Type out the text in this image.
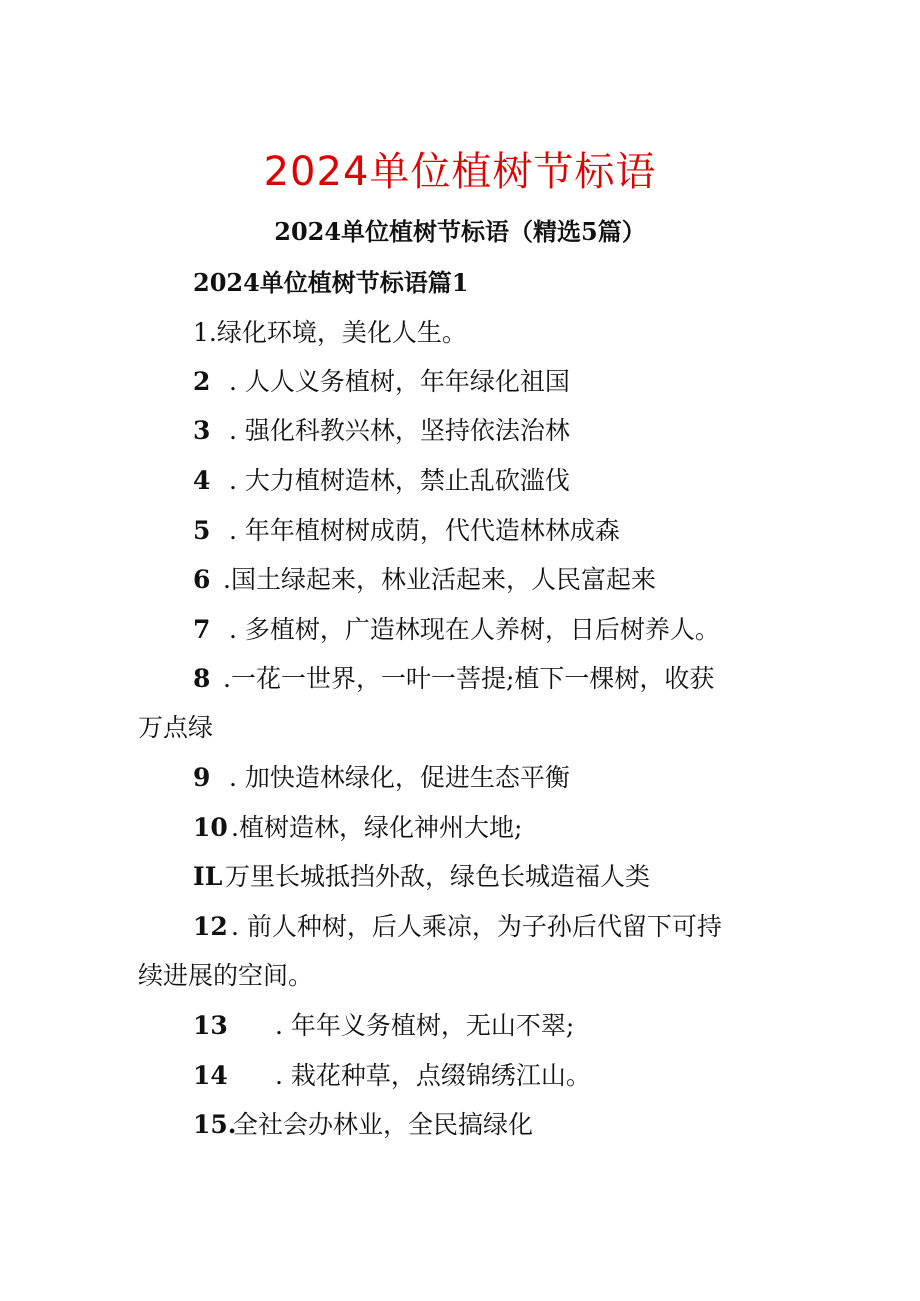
2024单位植树节标语
2024单位植树节标语（精选5篇）
2024单位植树节标语篇1
1.绿化环境，美化人生。
2 . 人人义务植树，年年绿化祖国
3 . 强化科教兴林，坚持依法治林
4 . 大力植树造林，禁止乱砍滥伐
5 . 年年植树树成荫，代代造林林成森
6 .国土绿起来，林业活起来，人民富起来
7 . 多植树，广造林现在人养树，日后树养人。
8 .一花一世界，一叶一菩提;植下一棵树，收获
万点绿
9 . 加快造林绿化，促进生态平衡
10 .植树造林，绿化神州大地;
IL 万里长城抵挡外敌，绿色长城造福人类
12 . 前人种树，后人乘凉，为子孙后代留下可持
续进展的空间。
13 . 年年义务植树，无山不翠;
14 . 栽花种草，点缀锦绣江山。
15.全社会办林业，全民搞绿化
